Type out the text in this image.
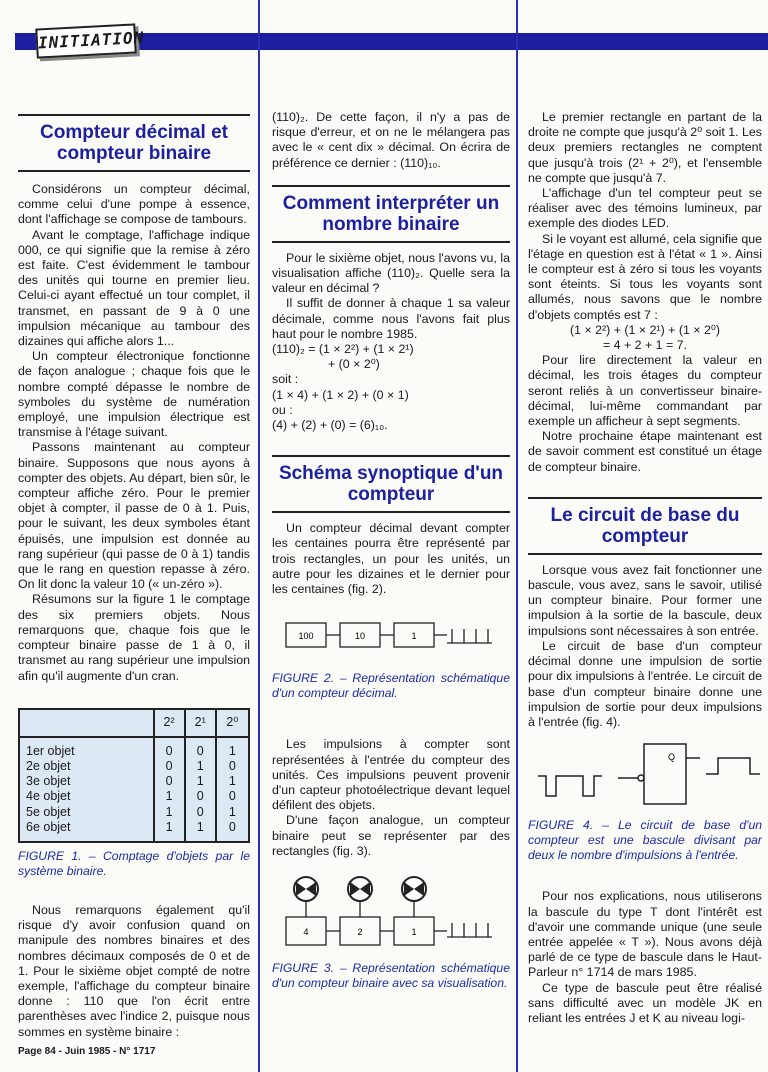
INITIATION
Compteur décimal et compteur binaire

Considérons un compteur décimal, comme celui d'une pompe à essence, dont l'affichage se compose de tambours.

Avant le comptage, l'affichage indique 000, ce qui signifie que la remise à zéro est faite. C'est évidemment le tambour des unités qui tourne en premier lieu. Celui-ci ayant effectué un tour complet, il transmet, en passant de 9 à 0 une impulsion mécanique au tambour des dizaines qui affiche alors 1...

Un compteur électronique fonctionne de façon analogue ; chaque fois que le nombre compté dépasse le nombre de symboles du système de numération employé, une impulsion électrique est transmise à l'étage suivant.

Passons maintenant au compteur binaire. Supposons que nous ayons à compter des objets. Au départ, bien sûr, le compteur affiche zéro. Pour le premier objet à compter, il passe de 0 à 1. Puis, pour le suivant, les deux symboles étant épuisés, une impulsion est donnée au rang supérieur (qui passe de 0 à 1) tandis que le rang en question repasse à zéro. On lit donc la valeur 10 (« un-zéro »).

Résumons sur la figure 1 le comptage des six premiers objets. Nous remarquons que, chaque fois que le compteur binaire passe de 1 à 0, il transmet au rang supérieur une impulsion afin qu'il augmente d'un cran.

	2²	2¹	2⁰
1er objet	0	0	1
2e objet	0	1	0
3e objet	0	1	1
4e objet	1	0	0
5e objet	1	0	1
6e objet	1	1	0
FIGURE 1. – Comptage d'objets par le système binaire.

Nous remarquons également qu'il risque d'y avoir confusion quand on manipule des nombres binaires et des nombres décimaux composés de 0 et de 1. Pour le sixième objet compté de notre exemple, l'affichage du compteur binaire donne : 110 que l'on écrit entre parenthèses avec l'indice 2, puisque nous sommes en système binaire :

(110)₂. De cette façon, il n'y a pas de risque d'erreur, et on ne le mélangera pas avec le « cent dix » décimal. On écrira de préférence ce dernier : (110)₁₀.

Comment interpréter un nombre binaire

Pour le sixième objet, nous l'avons vu, la visualisation affiche (110)₂. Quelle sera la valeur en décimal ?

Il suffit de donner à chaque 1 sa valeur décimale, comme nous l'avons fait plus haut pour le nombre 1985.

(110)₂ = (1 × 2²) + (1 × 2¹)
+ (0 × 2⁰)
soit :
(1 × 4) + (1 × 2) + (0 × 1)
ou :
(4) + (2) + (0) = (6)₁₀.
Schéma synoptique d'un compteur

Un compteur décimal devant compter les centaines pourra être représenté par trois rectangles, un pour les unités, un autre pour les dizaines et le dernier pour les centaines (fig. 2).

100	10	1
FIGURE 2. – Représentation schématique d'un compteur décimal.

Les impulsions à compter sont représentées à l'entrée du compteur des unités. Ces impulsions peuvent provenir d'un capteur photoélectrique devant lequel défilent des objets.

D'une façon analogue, un compteur binaire peut se représenter par des rectangles (fig. 3).

4	2	1
FIGURE 3. – Représentation schématique d'un compteur binaire avec sa visualisation.

Le premier rectangle en partant de la droite ne compte que jusqu'à 2⁰ soit 1. Les deux premiers rectangles ne comptent que jusqu'à trois (2¹ + 2⁰), et l'ensemble ne compte que jusqu'à 7.

L'affichage d'un tel compteur peut se réaliser avec des témoins lumineux, par exemple des diodes LED.

Si le voyant est allumé, cela signifie que l'étage en question est à l'état « 1 ». Ainsi le compteur est à zéro si tous les voyants sont éteints. Si tous les voyants sont allumés, nous savons que le nombre d'objets comptés est 7 :

(1 × 2²) + (1 × 2¹) + (1 × 2⁰)
= 4 + 2 + 1 = 7.

Pour lire directement la valeur en décimal, les trois étages du compteur seront reliés à un convertisseur binaire-décimal, lui-même commandant par exemple un afficheur à sept segments.

Notre prochaine étape maintenant est de savoir comment est constitué un étage de compteur binaire.

Le circuit de base du compteur

Lorsque vous avez fait fonctionner une bascule, vous avez, sans le savoir, utilisé un compteur binaire. Pour former une impulsion à la sortie de la bascule, deux impulsions sont nécessaires à son entrée.

Le circuit de base d'un compteur décimal donne une impulsion de sortie pour dix impulsions à l'entrée. Le circuit de base d'un compteur binaire donne une impulsion de sortie pour deux impulsions à l'entrée (fig. 4).

Q
FIGURE 4. – Le circuit de base d'un compteur est une bascule divisant par deux le nombre d'impulsions à l'entrée.

Pour nos explications, nous utiliserons la bascule du type T dont l'intérêt est d'avoir une commande unique (une seule entrée appelée « T »). Nous avons déjà parlé de ce type de bascule dans le Haut-Parleur n° 1714 de mars 1985.

Ce type de bascule peut être réalisé sans difficulté avec un modèle JK en reliant les entrées J et K au niveau logi-

Page 84 - Juin 1985 - N° 1717
